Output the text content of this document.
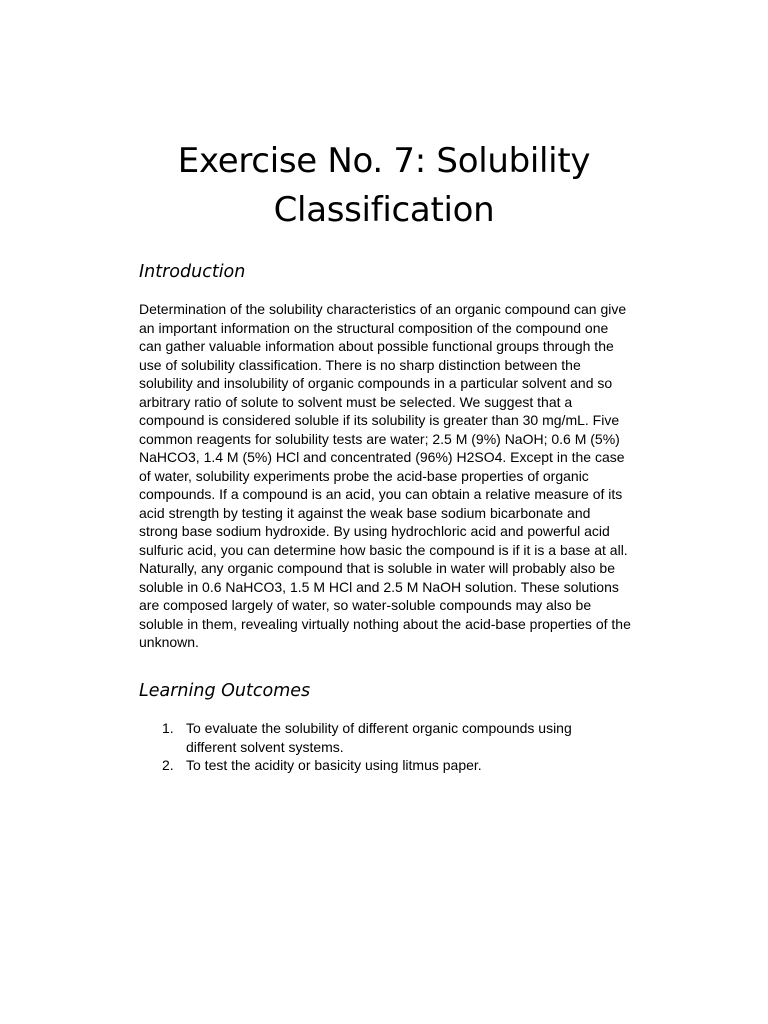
Exercise No. 7: Solubility Classification
Introduction

Determination of the solubility characteristics of an organic compound can give an important information on the structural composition of the compound one can gather valuable information about possible functional groups through the use of solubility classification. There is no sharp distinction between the solubility and insolubility of organic compounds in a particular solvent and so arbitrary ratio of solute to solvent must be selected. We suggest that a compound is considered soluble if its solubility is greater than 30 mg/mL. Five common reagents for solubility tests are water; 2.5 M (9%) NaOH; 0.6 M (5%) NaHCO3, 1.4 M (5%) HCl and concentrated (96%) H2SO4. Except in the case of water, solubility experiments probe the acid-base properties of organic compounds. If a compound is an acid, you can obtain a relative measure of its acid strength by testing it against the weak base sodium bicarbonate and strong base sodium hydroxide. By using hydrochloric acid and powerful acid sulfuric acid, you can determine how basic the compound is if it is a base at all. Naturally, any organic compound that is soluble in water will probably also be soluble in 0.6 NaHCO3, 1.5 M HCl and 2.5 M NaOH solution. These solutions are composed largely of water, so water-soluble compounds may also be soluble in them, revealing virtually nothing about the acid-base properties of the unknown.

Learning Outcomes
1. To evaluate the solubility of different organic compounds using different solvent systems.
2. To test the acidity or basicity using litmus paper.
